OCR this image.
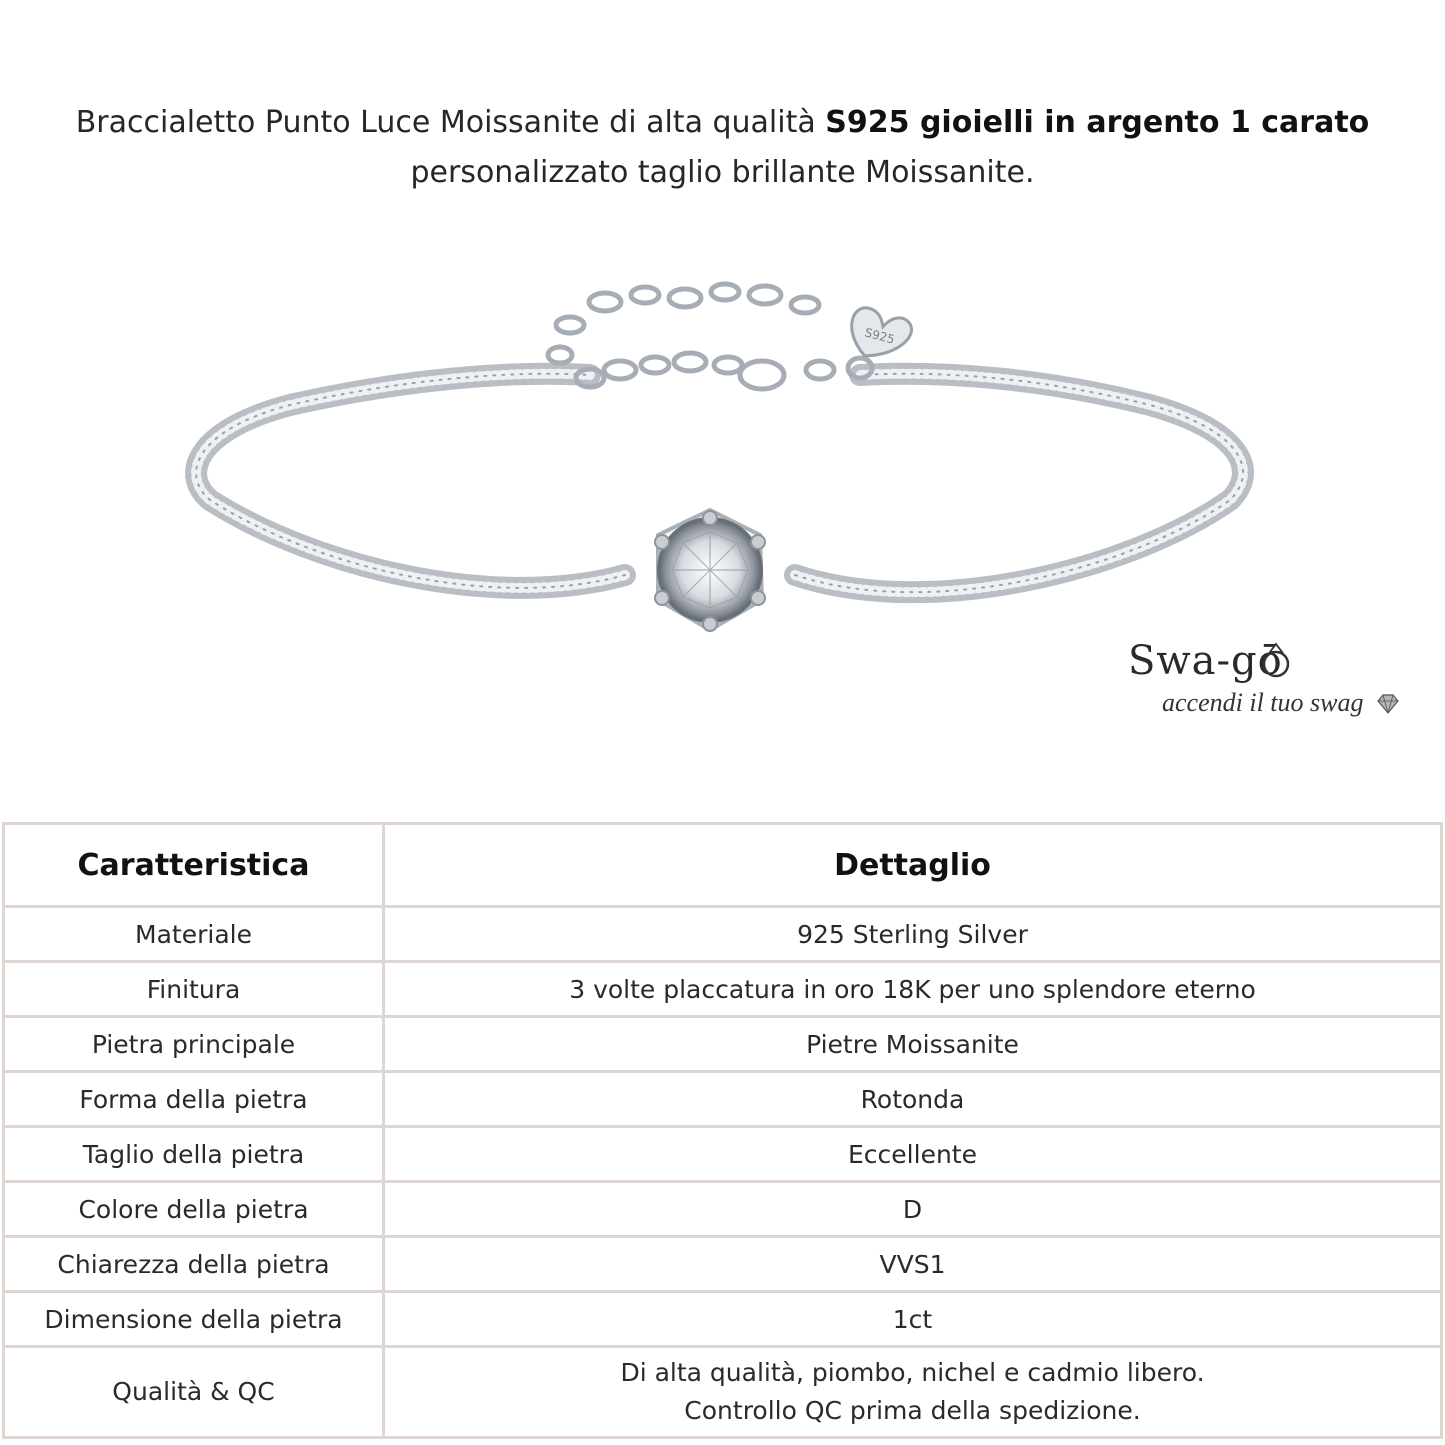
Braccialetto Punto Luce Moissanite di alta qualità S925 gioielli in argento 1 carato
personalizzato taglio brillante Moissanite.
S925
Swa-gō
accendi il tuo swag
Caratteristica	Dettaglio
Materiale	925 Sterling Silver
Finitura	3 volte placcatura in oro 18K per uno splendore eterno
Pietra principale	Pietre Moissanite
Forma della pietra	Rotonda
Taglio della pietra	Eccellente
Colore della pietra	D
Chiarezza della pietra	VVS1
Dimensione della pietra	1ct
Qualità & QC	Di alta qualità, piombo, nichel e cadmio libero.
Controllo QC prima della spedizione.
